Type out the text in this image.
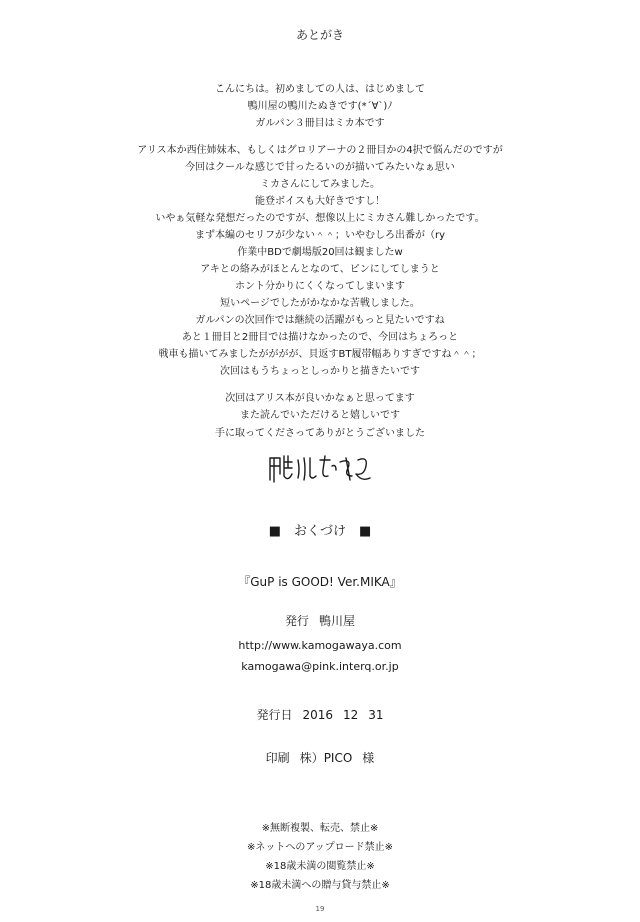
あとがき
こんにちは。初めましての人は、はじめまして
鴨川屋の鴨川たぬきです(*´∀`)ﾉ
ガルパン３冊目はミカ本です
アリス本か西住姉妹本、もしくはグロリアーナの２冊目かの4択で悩んだのですが
今回はクールな感じで甘ったるいのが描いてみたいなぁ思い
ミカさんにしてみました。
能登ボイスも大好きですし！
いやぁ気軽な発想だったのですが、想像以上にミカさん難しかったです。
まず本編のセリフが少ない＾＾；いやむしろ出番が（ry
作業中BDで劇場版20回は観ましたw
アキとの絡みがほとんとなのて、ピンにしてしまうと
ホント分かりにくくなってしまいます
短いページでしたがかなかな苦戦しました。
ガルパンの次回作では継続の活躍がもっと見たいですね
あと１冊目と2冊目では描けなかったので、今回はちょろっと
戦車も描いてみましたがががが、貝返すBT履帯幅ありすぎですね＾＾；
次回はもうちょっとしっかりと描きたいです
次回はアリス本が良いかなぁと思ってます
また読んでいただけると嬉しいです
手に取ってくださってありがとうございました
■　おくづけ　■
『GuP is GOOD! Ver.MIKA』
発行 鴨川屋
http://www.kamogawaya.com
kamogawa@pink.interq.or.jp
発行日 2016 12 31
印刷 株）PICO 様
※無断複製、転売、禁止※
※ネットへのアップロード禁止※
※18歳未満の閲覧禁止※
※18歳未満への贈与貸与禁止※
19
